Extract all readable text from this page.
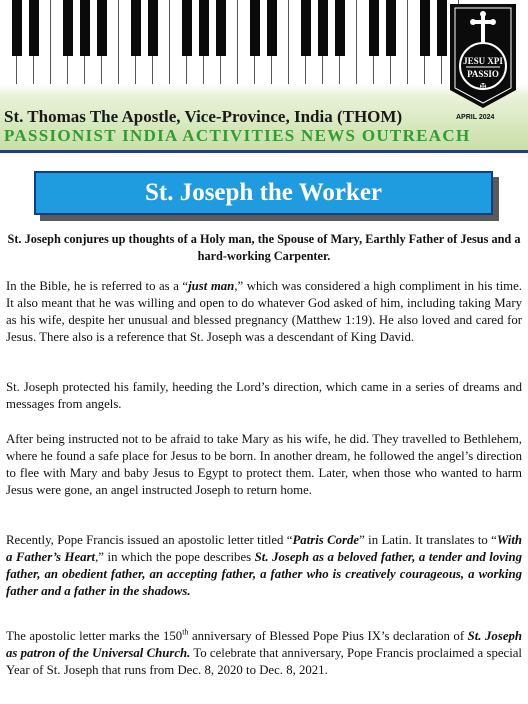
JESU XPI
PASSIO
✠
St. Thomas The Apostle, Vice-Province, India (THOM)
PASSIONIST INDIA ACTIVITIES NEWS OUTREACH
APRIL 2024
St. Joseph the Worker
St. Joseph conjures up thoughts of a Holy man, the Spouse of Mary, Earthly Father of Jesus and a hard-working Carpenter.
In the Bible, he is referred to as a “just man,” which was considered a high compliment in his time. It also meant that he was willing and open to do whatever God asked of him, including taking Mary as his wife, despite her unusual and blessed pregnancy (Matthew 1:19). He also loved and cared for Jesus. There also is a reference that St. Joseph was a descendant of King David.
St. Joseph protected his family, heeding the Lord’s direction, which came in a series of dreams and messages from angels.
After being instructed not to be afraid to take Mary as his wife, he did. They travelled to Bethlehem, where he found a safe place for Jesus to be born. In another dream, he followed the angel’s direction to flee with Mary and baby Jesus to Egypt to protect them. Later, when those who wanted to harm Jesus were gone, an angel instructed Joseph to return home.
Recently, Pope Francis issued an apostolic letter titled “Patris Corde” in Latin. It translates to “With a Father’s Heart,” in which the pope describes St. Joseph as a beloved father, a tender and loving father, an obedient father, an accepting father, a father who is creatively courageous, a working father and a father in the shadows.
The apostolic letter marks the 150th anniversary of Blessed Pope Pius IX’s declaration of St. Joseph as patron of the Universal Church. To celebrate that anniversary, Pope Francis proclaimed a special Year of St. Joseph that runs from Dec. 8, 2020 to Dec. 8, 2021.
